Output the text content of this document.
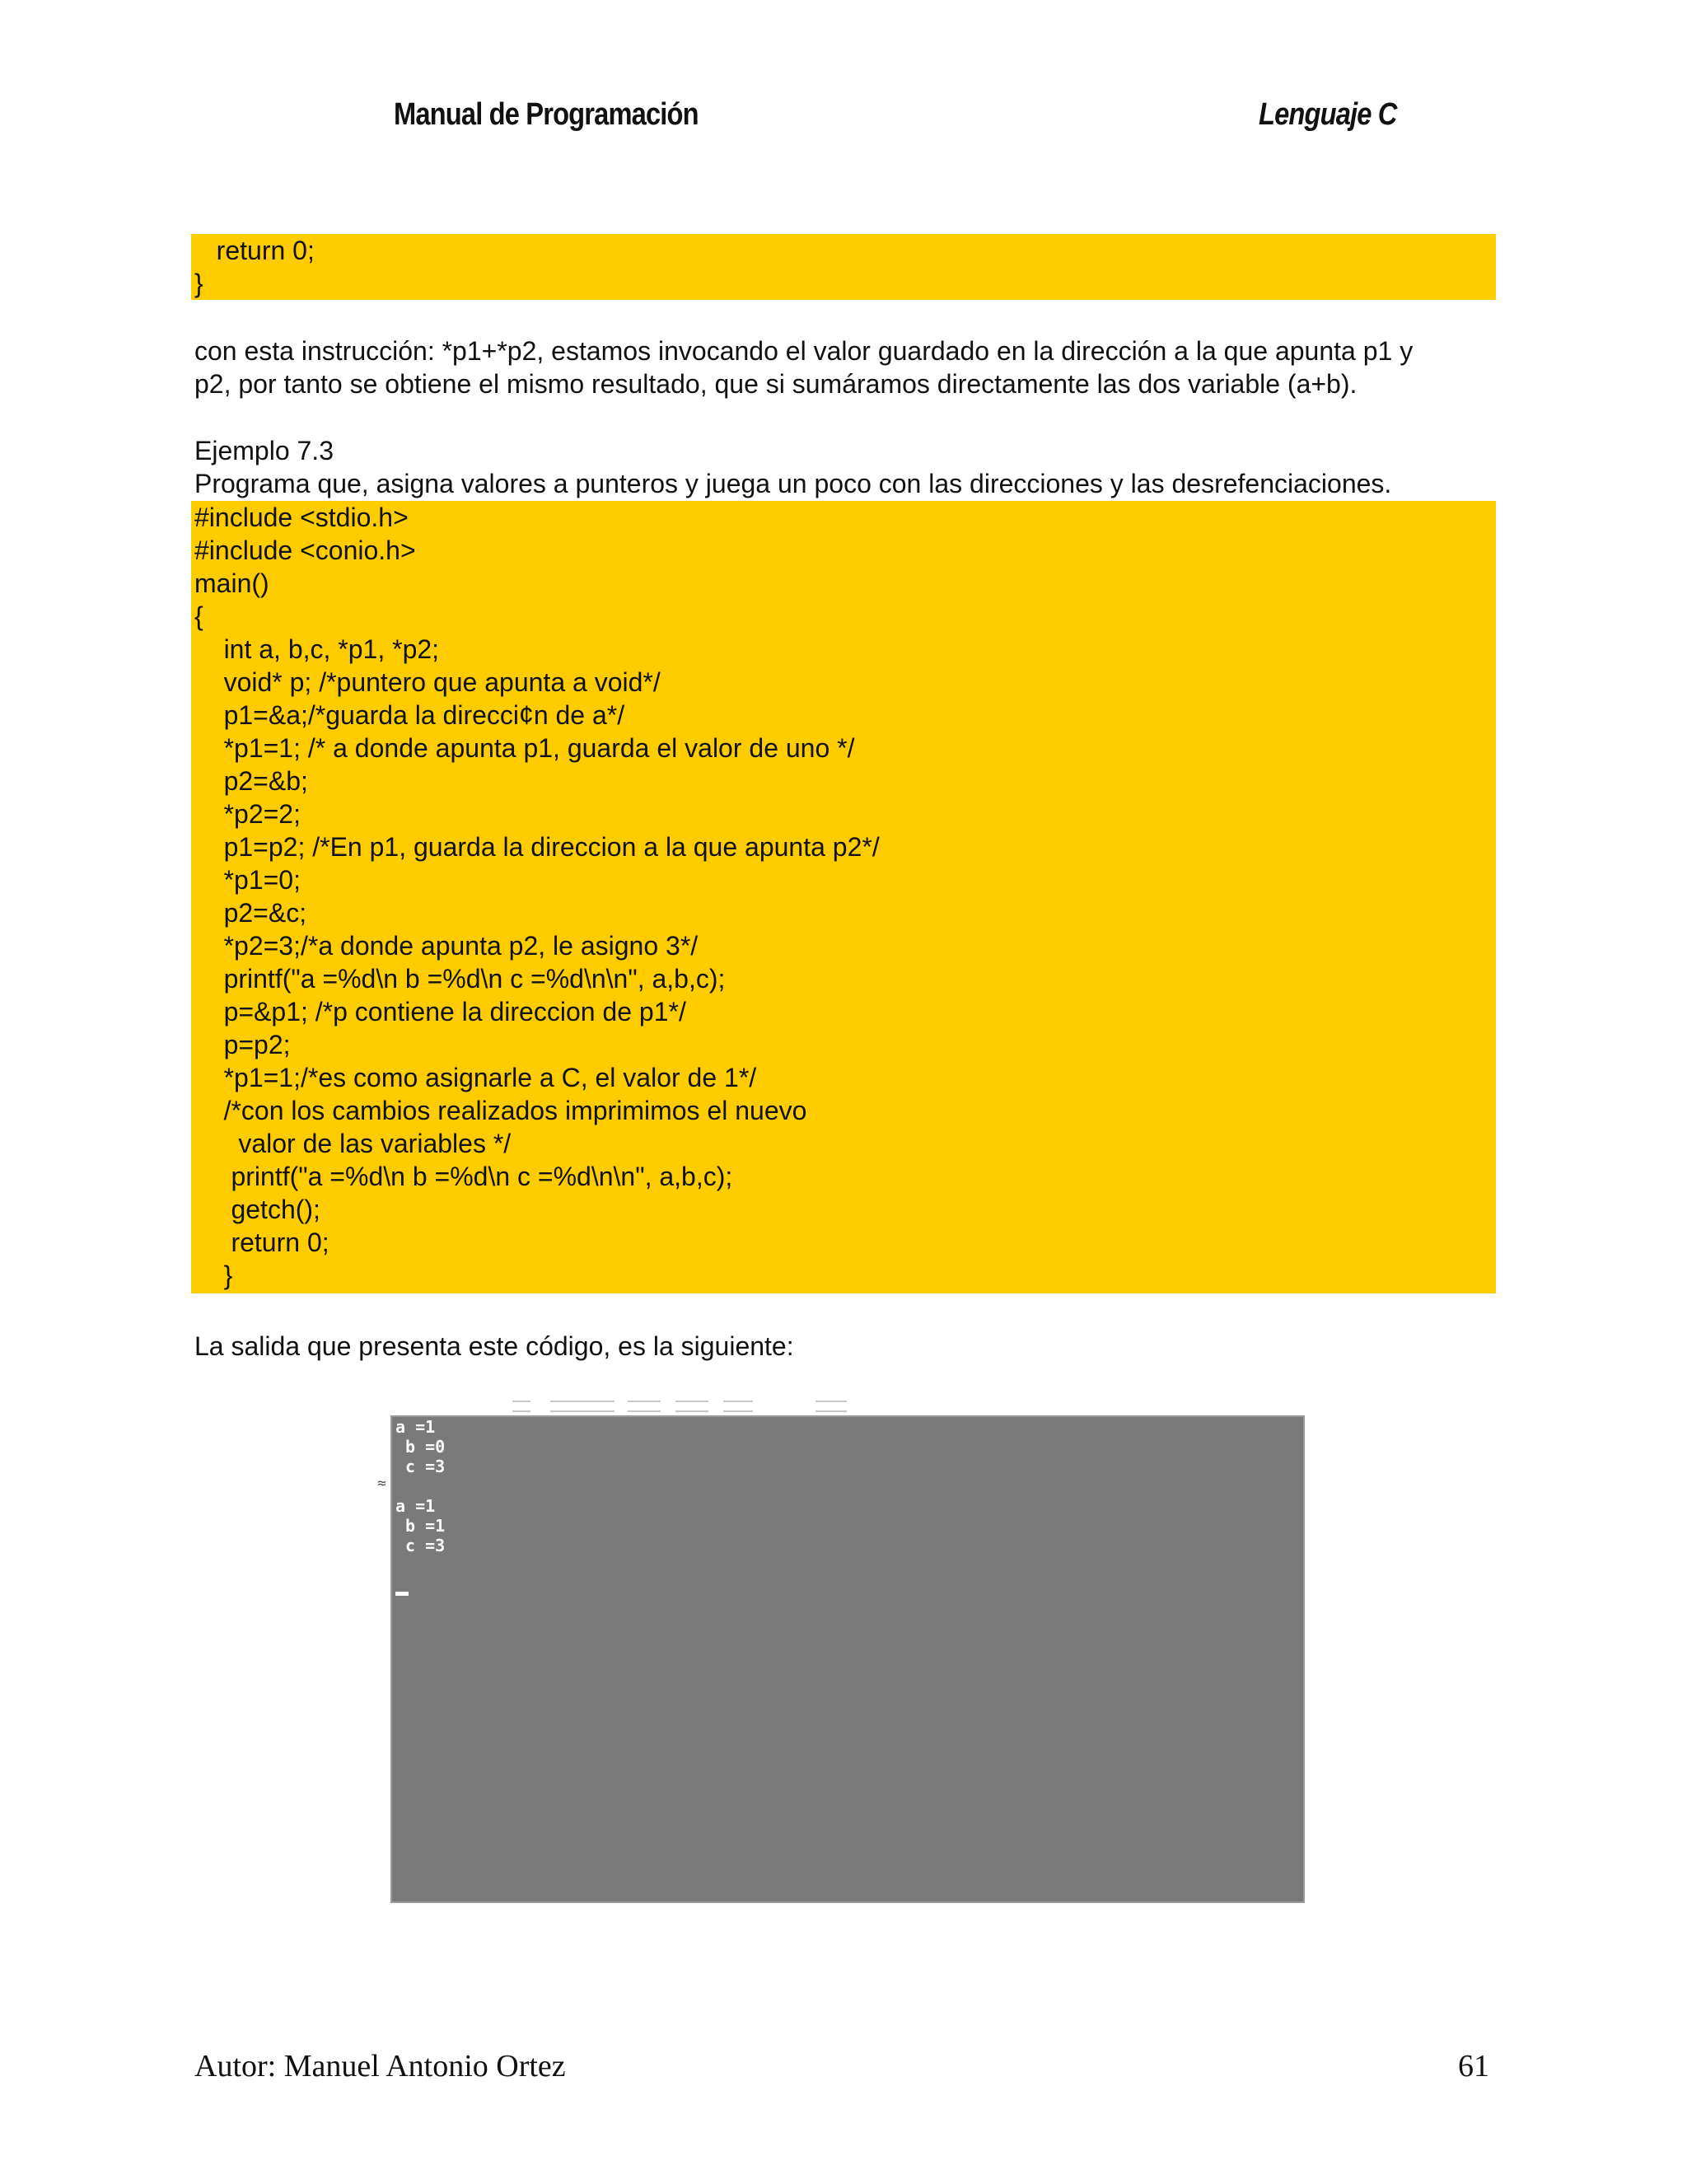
Manual de Programación	Lenguaje C
return 0;
}
con esta instrucción: *p1+*p2, estamos invocando el valor guardado en la dirección a la que apunta p1 y
p2, por tanto se obtiene el mismo resultado, que si sumáramos directamente las dos variable (a+b).
Ejemplo 7.3
Programa que, asigna valores a punteros y juega un poco con las direcciones y las desrefenciaciones.
#include <stdio.h>
#include <conio.h>
main()
{
int a, b,c, *p1, *p2;
void* p; /*puntero que apunta a void*/
p1=&a;/*guarda la direcci¢n de a*/
*p1=1; /* a donde apunta p1, guarda el valor de uno */
p2=&b;
*p2=2;
p1=p2; /*En p1, guarda la direccion a la que apunta p2*/
*p1=0;
p2=&c;
*p2=3;/*a donde apunta p2, le asigno 3*/
printf("a =%d\n b =%d\n c =%d\n\n", a,b,c);
p=&p1; /*p contiene la direccion de p1*/
p=p2;
*p1=1;/*es como asignarle a C, el valor de 1*/
/*con los cambios realizados imprimimos el nuevo
valor de las variables */
printf("a =%d\n b =%d\n c =%d\n\n", a,b,c);
getch();
return 0;
}
La salida que presenta este código, es la siguiente:
≈
a =1
b =0
c =3
a =1
b =1
c =3
Autor: Manuel Antonio Ortez	61
